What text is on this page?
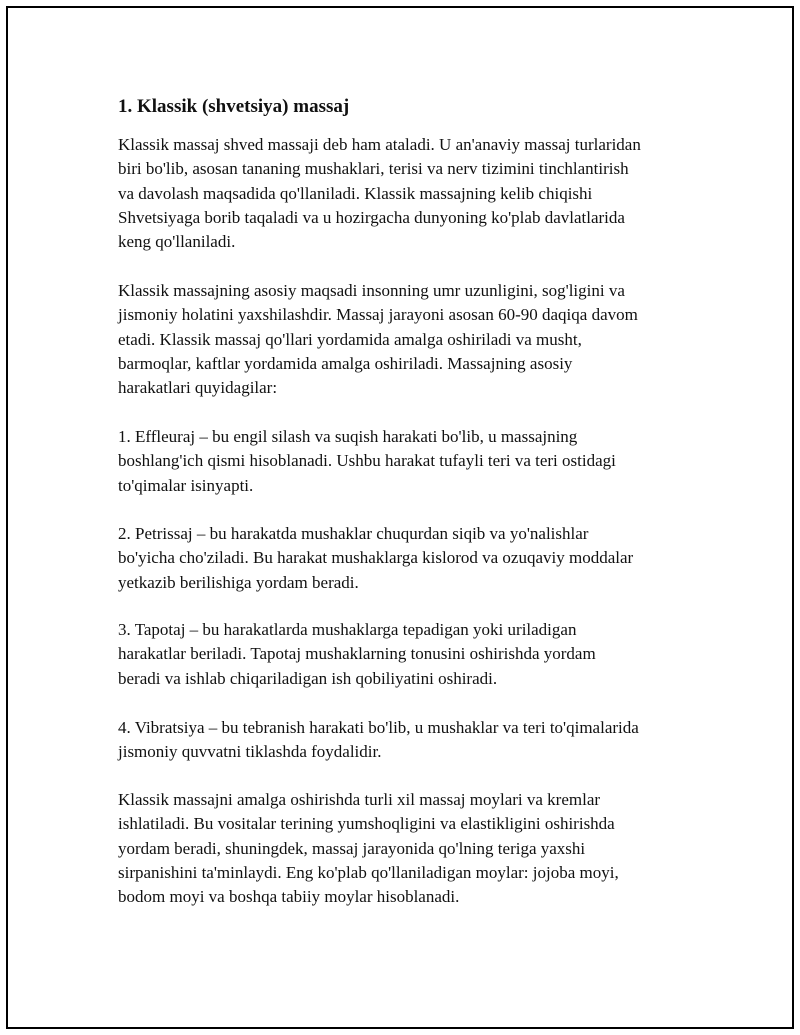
1. Klassik (shvetsiya) massaj

Klassik massaj shved massaji deb ham ataladi. U an'anaviy massaj turlaridan
biri bo'lib, asosan tananing mushaklari, terisi va nerv tizimini tinchlantirish
va davolash maqsadida qo'llaniladi. Klassik massajning kelib chiqishi
Shvetsiyaga borib taqaladi va u hozirgacha dunyoning ko'plab davlatlarida
keng qo'llaniladi.

Klassik massajning asosiy maqsadi insonning umr uzunligini, sog'ligini va
jismoniy holatini yaxshilashdir. Massaj jarayoni asosan 60-90 daqiqa davom
etadi. Klassik massaj qo'llari yordamida amalga oshiriladi va musht,
barmoqlar, kaftlar yordamida amalga oshiriladi. Massajning asosiy
harakatlari quyidagilar:

1. Effleuraj – bu engil silash va suqish harakati bo'lib, u massajning
boshlang'ich qismi hisoblanadi. Ushbu harakat tufayli teri va teri ostidagi
to'qimalar isinyapti.

2. Petrissaj – bu harakatda mushaklar chuqurdan siqib va yo'nalishlar
bo'yicha cho'ziladi. Bu harakat mushaklarga kislorod va ozuqaviy moddalar
yetkazib berilishiga yordam beradi.

3. Tapotaj – bu harakatlarda mushaklarga tepadigan yoki uriladigan
harakatlar beriladi. Tapotaj mushaklarning tonusini oshirishda yordam
beradi va ishlab chiqariladigan ish qobiliyatini oshiradi.

4. Vibratsiya – bu tebranish harakati bo'lib, u mushaklar va teri to'qimalarida
jismoniy quvvatni tiklashda foydalidir.

Klassik massajni amalga oshirishda turli xil massaj moylari va kremlar
ishlatiladi. Bu vositalar terining yumshoqligini va elastikligini oshirishda
yordam beradi, shuningdek, massaj jarayonida qo'lning teriga yaxshi
sirpanishini ta'minlaydi. Eng ko'plab qo'llaniladigan moylar: jojoba moyi,
bodom moyi va boshqa tabiiy moylar hisoblanadi.
